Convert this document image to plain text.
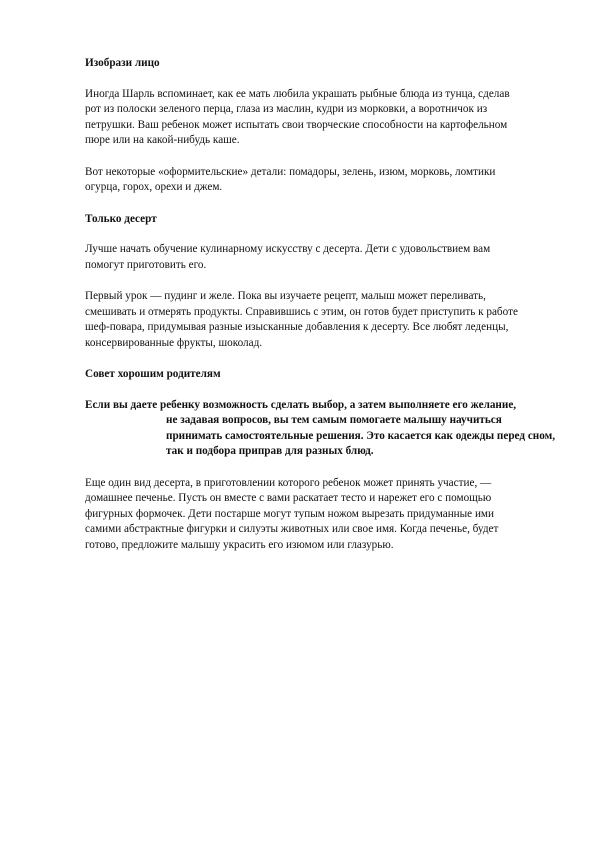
Изобрази лицо
Иногда Шарль вспоминает, как ее мать любила украшать рыбные блюда из тунца, сделав
рот из полоски зеленого перца, глаза из маслин, кудри из морковки, а воротничок из
петрушки. Ваш ребенок может испытать свои творческие способности на картофельном
пюре или на какой-нибудь каше.
Вот некоторые «оформительские» детали: помадоры, зелень, изюм, морковь, ломтики
огурца, горох, орехи и джем.
Только десерт
Лучше начать обучение кулинарному искусству с десерта. Дети с удовольствием вам
помогут приготовить его.
Первый урок — пудинг и желе. Пока вы изучаете рецепт, малыш может переливать,
смешивать и отмерять продукты. Справившись с этим, он готов будет приступить к работе
шеф-повара, придумывая разные изысканные добавления к десерту. Все любят леденцы,
консервированные фрукты, шоколад.
Совет хорошим родителям
Если вы даете ребенку возможность сделать выбор, а затем выполняете его желание,
не задавая вопросов, вы тем самым помогаете малышу научиться
принимать самостоятельные решения. Это касается как одежды перед сном,
так и подбора приправ для разных блюд.
Еще один вид десерта, в приготовлении которого ребенок может принять участие, —
домашнее печенье. Пусть он вместе с вами раскатает тесто и нарежет его с помощью
фигурных формочек. Дети постарше могут тупым ножом вырезать придуманные ими
самими абстрактные фигурки и силуэты животных или свое имя. Когда печенье, будет
готово, предложите малышу украсить его изюмом или глазурью.
